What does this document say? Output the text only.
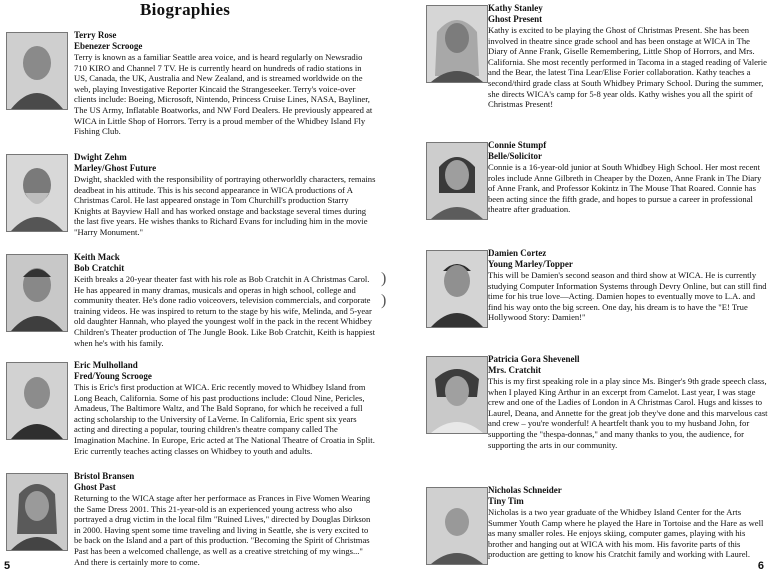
Biographies
Terry Rose
Ebenezer Scrooge

Terry is known as a familiar Seattle area voice, and is heard regularly on Newsradio 710 KIRO and Channel 7 TV. He is currently heard on hundreds of radio stations in US, Canada, the UK, Australia and New Zealand, and is streamed worldwide on the web, playing Investigative Reporter Kincaid the Strangeseeker. Terry's voice-over clients include: Boeing, Microsoft, Nintendo, Princess Cruise Lines, NASA, Bayliner, The US Army, Inflatable Boatworks, and NW Ford Dealers. He previously appeared at WICA in Little Shop of Horrors. Terry is a proud member of the Whidbey Island Fly Fishing Club.

Dwight Zehm
Marley/Ghost Future

Dwight, shackled with the responsibility of portraying otherworldly characters, remains deadbeat in his attitude. This is his second appearance in WICA productions of A Christmas Carol. He last appeared onstage in Tom Churchill's production Starry Knights at Bayview Hall and has worked onstage and backstage several times during the last five years. He wishes thanks to Richard Evans for including him in the movie "Harry Monument."

Keith Mack
Bob Cratchit

Keith breaks a 20-year theater fast with his role as Bob Cratchit in A Christmas Carol. He has appeared in many dramas, musicals and operas in high school, college and community theater. He's done radio voiceovers, television commercials, and corporate training videos. He was inspired to return to the stage by his wife, Melinda, and 5-year old daughter Hannah, who played the youngest wolf in the pack in the recent Whidbey Children's Theater production of The Jungle Book. Like Bob Cratchit, Keith is happiest when he's with his family.

Eric Mulholland
Fred/Young Scrooge

This is Eric's first production at WICA. Eric recently moved to Whidbey Island from Long Beach, California. Some of his past productions include: Cloud Nine, Pericles, Amadeus, The Baltimore Waltz, and The Bald Soprano, for which he received a full acting scholarship to the University of LaVerne. In California, Eric spent six years acting and directing a popular, touring children's theatre company called The Imagination Machine. In Europe, Eric acted at The National Theatre of Croatia in Split. Eric currently teaches acting classes on Whidbey to youth and adults.

Bristol Bransen
Ghost Past

Returning to the WICA stage after her performace as Frances in Five Women Wearing the Same Dress 2001. This 21-year-old is an experienced young actress who also portrayed a drug victim in the local film "Ruined Lives," directed by Douglas Dirkson in 2000. Having spent some time traveling and living in Seattle, she is very excited to be back on the Island and a part of this production. "Becoming the Spirit of Christmas Past has been a welcomed challenge, as well as a creative stretching of my wings..." And there is certainly more to come.

5
)
)
Kathy Stanley
Ghost Present

Kathy is excited to be playing the Ghost of Christmas Present. She has been involved in theatre since grade school and has been onstage at WICA in The Diary of Anne Frank, Giselle Remembering, Little Shop of Horrors, and Mrs. California. She most recently performed in Tacoma in a staged reading of Valerie and the Bear, the latest Tina Lear/Elise Forier collaboration. Kathy teaches a second/third grade class at South Whidbey Primary School. During the summer, she directs WICA's camp for 5-8 year olds. Kathy wishes you all the spirit of Christmas Present!

Connie Stumpf
Belle/Solicitor

Connie is a 16-year-old junior at South Whidbey High School. Her most recent roles include Anne Gilbreth in Cheaper by the Dozen, Anne Frank in The Diary of Anne Frank, and Professor Kokintz in The Mouse That Roared. Connie has been acting since the fifth grade, and hopes to pursue a career in professional theatre after graduation.

Damien Cortez
Young Marley/Topper

This will be Damien's second season and third show at WICA. He is currently studying Computer Information Systems through Devry Online, but can still find time for his true love—Acting. Damien hopes to eventually move to L.A. and find his way onto the big screen. One day, his dream is to have the "E! True Hollywood Story: Damien!"

Patricia Gora Shevenell
Mrs. Cratchit

This is my first speaking role in a play since Ms. Binger's 9th grade speech class, when I played King Arthur in an excerpt from Camelot. Last year, I was stage crew and one of the Ladies of London in A Christmas Carol. Hugs and kisses to Laurel, Deana, and Annette for the great job they've done and this marvelous cast and crew – you're wonderful! A heartfelt thank you to my husband John, for supporting the "thespa-donnas," and many thanks to you, the audience, for supporting the arts in our community.

Nicholas Schneider
Tiny Tim

Nicholas is a two year graduate of the Whidbey Island Center for the Arts Summer Youth Camp where he played the Hare in Tortoise and the Hare as well as many smaller roles. He enjoys skiing, computer games, playing with his brother and hanging out at WICA with his mom. His favorite parts of this production are getting to know his Cratchit family and working with Laurel.

6
